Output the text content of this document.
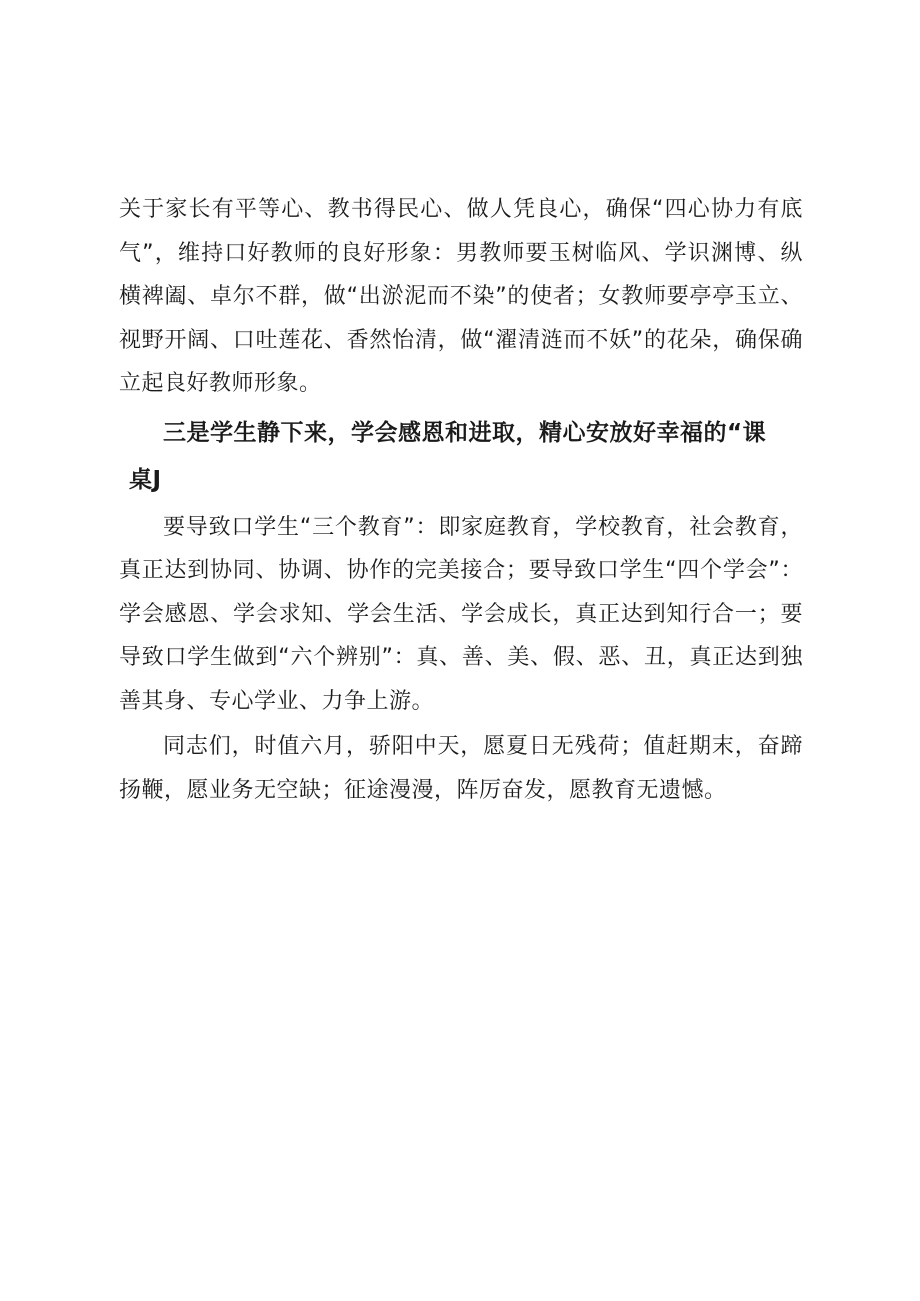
关于家长有平等心、教书得民心、做人凭良心，确保“四心协力有底气”，维持口好教师的良好形象：男教师要玉树临风、学识渊博、纵横裨阖、卓尔不群，做“出淤泥而不染”的使者；女教师要亭亭玉立、视野开阔、口吐莲花、香然怡清，做“濯清涟而不妖”的花朵，确保确立起良好教师形象。

三是学生静下来，学会感恩和进取，精心安放好幸福的“课
桌J

要导致口学生“三个教育”：即家庭教育，学校教育，社会教育，真正达到协同、协调、协作的完美接合；要导致口学生“四个学会”：学会感恩、学会求知、学会生活、学会成长，真正达到知行合一；要导致口学生做到“六个辨别”：真、善、美、假、恶、丑，真正达到独善其身、专心学业、力争上游。

同志们，时值六月，骄阳中天，愿夏日无残荷；值赶期末，奋蹄扬鞭，愿业务无空缺；征途漫漫，阵厉奋发，愿教育无遗憾。
